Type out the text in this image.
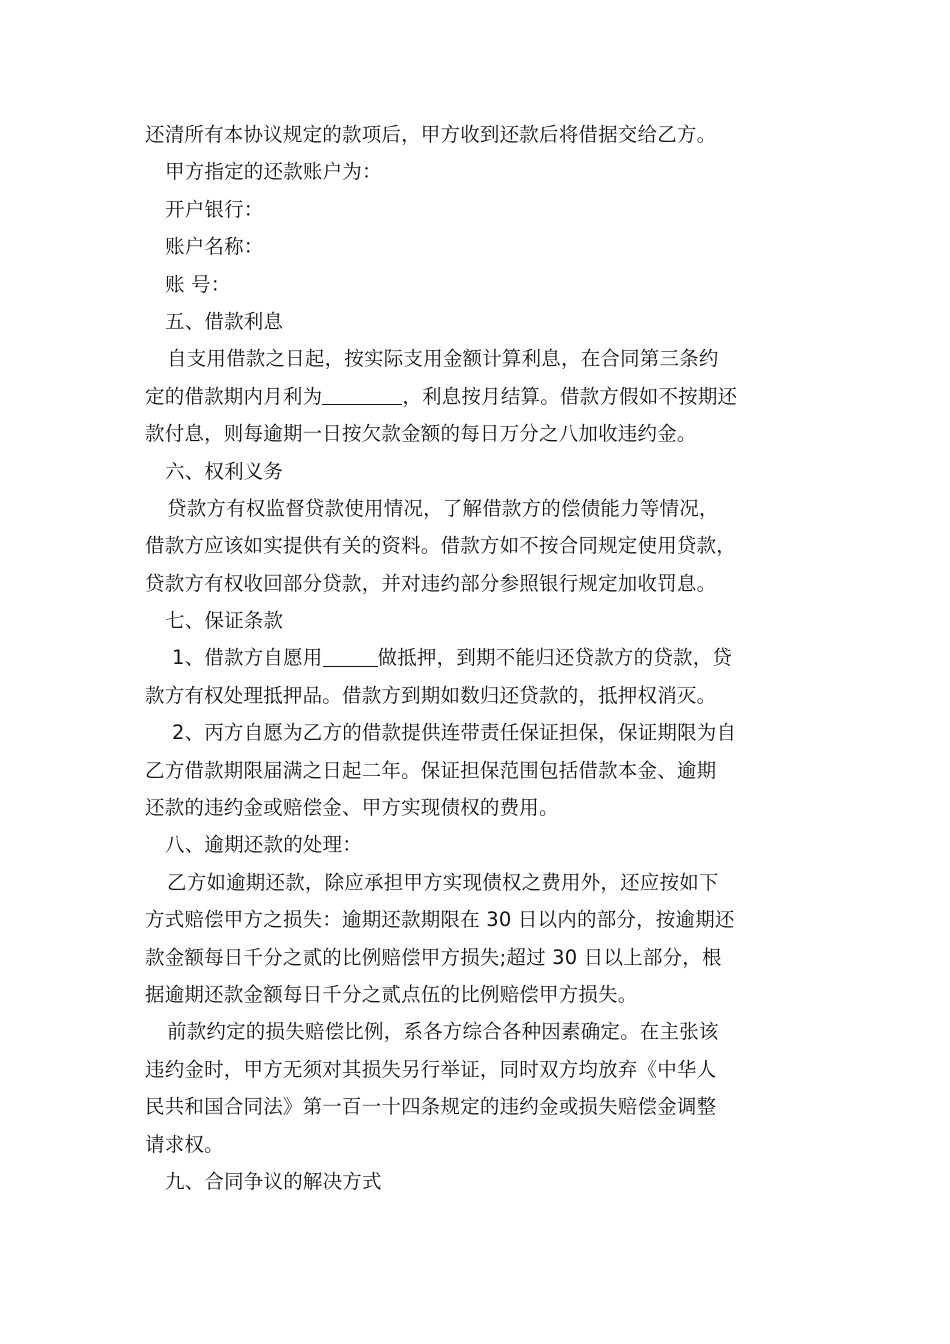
还清所有本协议规定的款项后，甲方收到还款后将借据交给乙方。
甲方指定的还款账户为：
开户银行：
账户名称：
账 号：
五、借款利息
自支用借款之日起，按实际支用金额计算利息，在合同第三条约
定的借款期内月利为	，利息按月结算。借款方假如不按期还
款付息，则每逾期一日按欠款金额的每日万分之八加收违约金。
六、权利义务
贷款方有权监督贷款使用情况，了解借款方的偿债能力等情况，
借款方应该如实提供有关的资料。借款方如不按合同规定使用贷款，
贷款方有权收回部分贷款，并对违约部分参照银行规定加收罚息。
七、保证条款
1、借款方自愿用	做抵押，到期不能归还贷款方的贷款，贷
款方有权处理抵押品。借款方到期如数归还贷款的，抵押权消灭。
2、丙方自愿为乙方的借款提供连带责任保证担保，保证期限为自
乙方借款期限届满之日起二年。保证担保范围包括借款本金、逾期
还款的违约金或赔偿金、甲方实现债权的费用。
八、逾期还款的处理：
乙方如逾期还款，除应承担甲方实现债权之费用外，还应按如下
方式赔偿甲方之损失：逾期还款期限在 30 日以内的部分，按逾期还
款金额每日千分之贰的比例赔偿甲方损失;超过 30 日以上部分，根
据逾期还款金额每日千分之贰点伍的比例赔偿甲方损失。
前款约定的损失赔偿比例，系各方综合各种因素确定。在主张该
违约金时，甲方无须对其损失另行举证，同时双方均放弃《中华人
民共和国合同法》第一百一十四条规定的违约金或损失赔偿金调整
请求权。
九、合同争议的解决方式
